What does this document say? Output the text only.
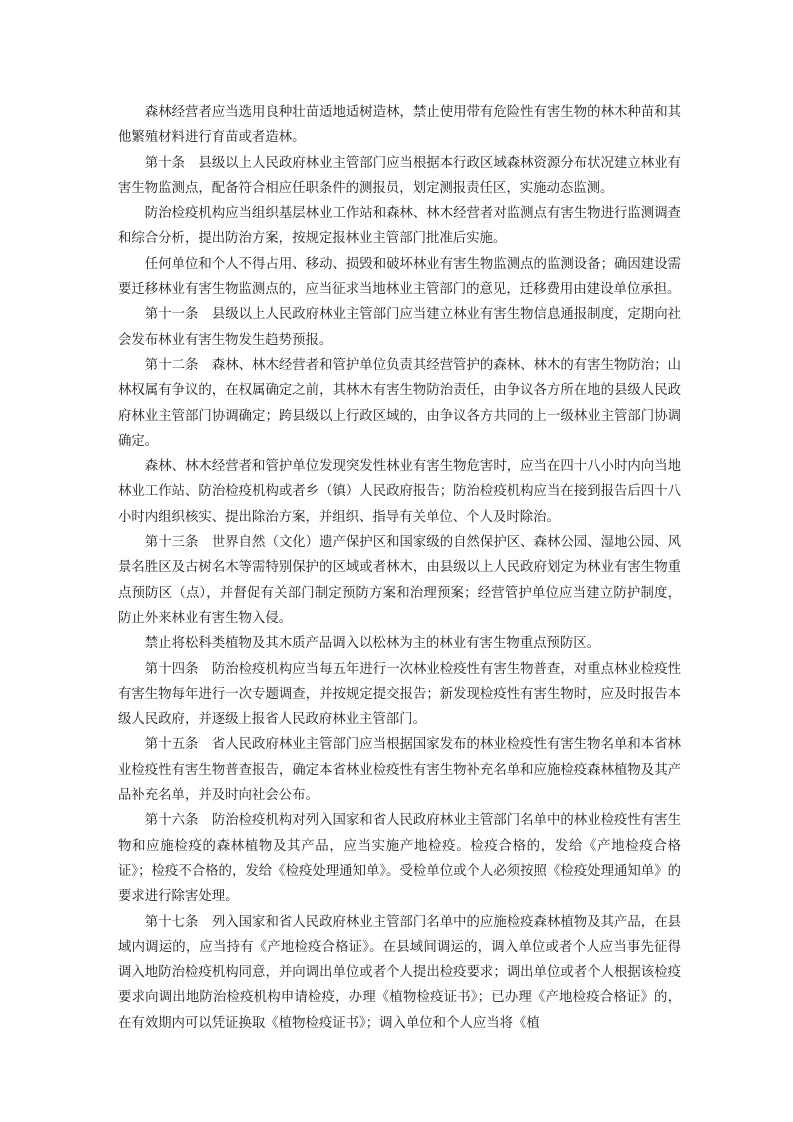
森林经营者应当选用良种壮苗适地适树造林，禁止使用带有危险性有害生物的林木种苗和其他繁殖材料进行育苗或者造林。

第十条　县级以上人民政府林业主管部门应当根据本行政区域森林资源分布状况建立林业有害生物监测点，配备符合相应任职条件的测报员，划定测报责任区，实施动态监测。

防治检疫机构应当组织基层林业工作站和森林、林木经营者对监测点有害生物进行监测调查和综合分析，提出防治方案，按规定报林业主管部门批准后实施。

任何单位和个人不得占用、移动、损毁和破坏林业有害生物监测点的监测设备；确因建设需要迁移林业有害生物监测点的，应当征求当地林业主管部门的意见，迁移费用由建设单位承担。

第十一条　县级以上人民政府林业主管部门应当建立林业有害生物信息通报制度，定期向社会发布林业有害生物发生趋势预报。

第十二条　森林、林木经营者和管护单位负责其经营管护的森林、林木的有害生物防治；山林权属有争议的，在权属确定之前，其林木有害生物防治责任，由争议各方所在地的县级人民政府林业主管部门协调确定；跨县级以上行政区域的，由争议各方共同的上一级林业主管部门协调确定。

森林、林木经营者和管护单位发现突发性林业有害生物危害时，应当在四十八小时内向当地林业工作站、防治检疫机构或者乡（镇）人民政府报告；防治检疫机构应当在接到报告后四十八小时内组织核实、提出除治方案，并组织、指导有关单位、个人及时除治。

第十三条　世界自然（文化）遗产保护区和国家级的自然保护区、森林公园、湿地公园、风景名胜区及古树名木等需特别保护的区域或者林木，由县级以上人民政府划定为林业有害生物重点预防区（点），并督促有关部门制定预防方案和治理预案；经营管护单位应当建立防护制度，防止外来林业有害生物入侵。

禁止将松科类植物及其木质产品调入以松林为主的林业有害生物重点预防区。

第十四条　防治检疫机构应当每五年进行一次林业检疫性有害生物普查，对重点林业检疫性有害生物每年进行一次专题调查，并按规定提交报告；新发现检疫性有害生物时，应及时报告本级人民政府，并逐级上报省人民政府林业主管部门。

第十五条　省人民政府林业主管部门应当根据国家发布的林业检疫性有害生物名单和本省林业检疫性有害生物普查报告，确定本省林业检疫性有害生物补充名单和应施检疫森林植物及其产品补充名单，并及时向社会公布。

第十六条　防治检疫机构对列入国家和省人民政府林业主管部门名单中的林业检疫性有害生物和应施检疫的森林植物及其产品，应当实施产地检疫。检疫合格的，发给《产地检疫合格证》；检疫不合格的，发给《检疫处理通知单》。受检单位或个人必须按照《检疫处理通知单》的要求进行除害处理。

第十七条　列入国家和省人民政府林业主管部门名单中的应施检疫森林植物及其产品，在县域内调运的，应当持有《产地检疫合格证》。在县域间调运的，调入单位或者个人应当事先征得调入地防治检疫机构同意，并向调出单位或者个人提出检疫要求；调出单位或者个人根据该检疫要求向调出地防治检疫机构申请检疫，办理《植物检疫证书》；已办理《产地检疫合格证》的，在有效期内可以凭证换取《植物检疫证书》；调入单位和个人应当将《植
